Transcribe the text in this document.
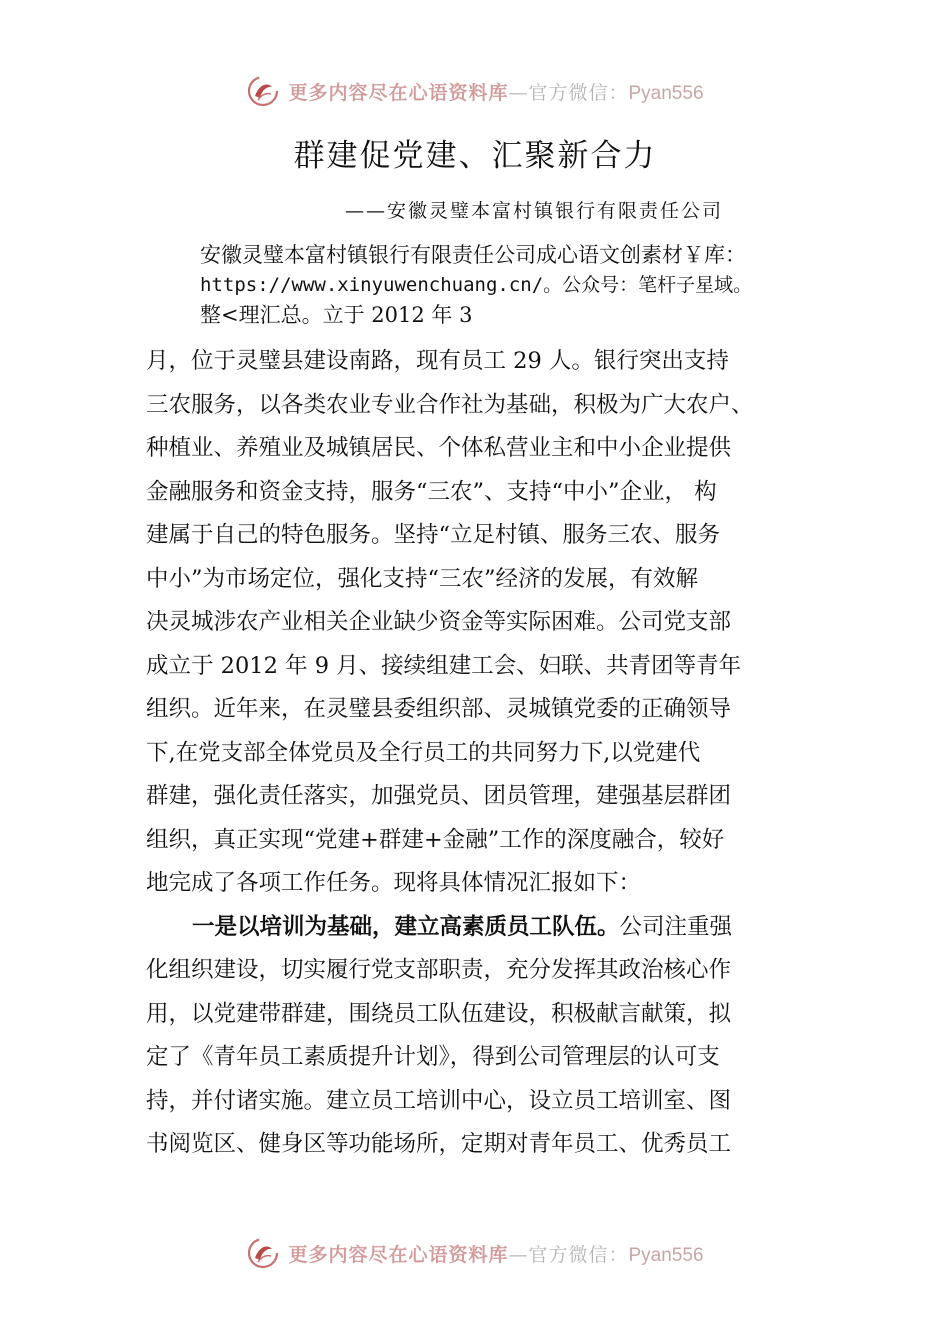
更多内容尽在心语资料库—官方微信：Pyan556
群建促党建、汇聚新合力
——安徽灵璧本富村镇银行有限责任公司
安徽灵璧本富村镇银行有限责任公司成心语文创素材￥库：
https://www.xinyuwenchuang.cn/。公众号：笔杆子星域。
整<理汇总。立于 2012 年 3
月，位于灵璧县建设南路，现有员工 29 人。银行突出支持
三农服务，以各类农业专业合作社为基础，积极为广大农户、
种植业、养殖业及城镇居民、个体私营业主和中小企业提供
金融服务和资金支持，服务“三农”、支持“中小”企业， 构
建属于自己的特色服务。坚持“立足村镇、服务三农、服务
中小”为市场定位，强化支持“三农”经济的发展，有效解
决灵城涉农产业相关企业缺少资金等实际困难。公司党支部
成立于 2012 年 9 月、接续组建工会、妇联、共青团等青年
组织。近年来，在灵璧县委组织部、灵城镇党委的正确领导
下,在党支部全体党员及全行员工的共同努力下,以党建代
群建，强化责任落实，加强党员、团员管理，建强基层群团
组织，真正实现“党建+群建+金融”工作的深度融合，较好
地完成了各项工作任务。现将具体情况汇报如下：
一是以培训为基础，建立高素质员工队伍。公司注重强
化组织建设，切实履行党支部职责，充分发挥其政治核心作
用，以党建带群建，围绕员工队伍建设，积极献言献策，拟
定了《青年员工素质提升计划》，得到公司管理层的认可支
持，并付诸实施。建立员工培训中心，设立员工培训室、图
书阅览区、健身区等功能场所，定期对青年员工、优秀员工
更多内容尽在心语资料库—官方微信：Pyan556
